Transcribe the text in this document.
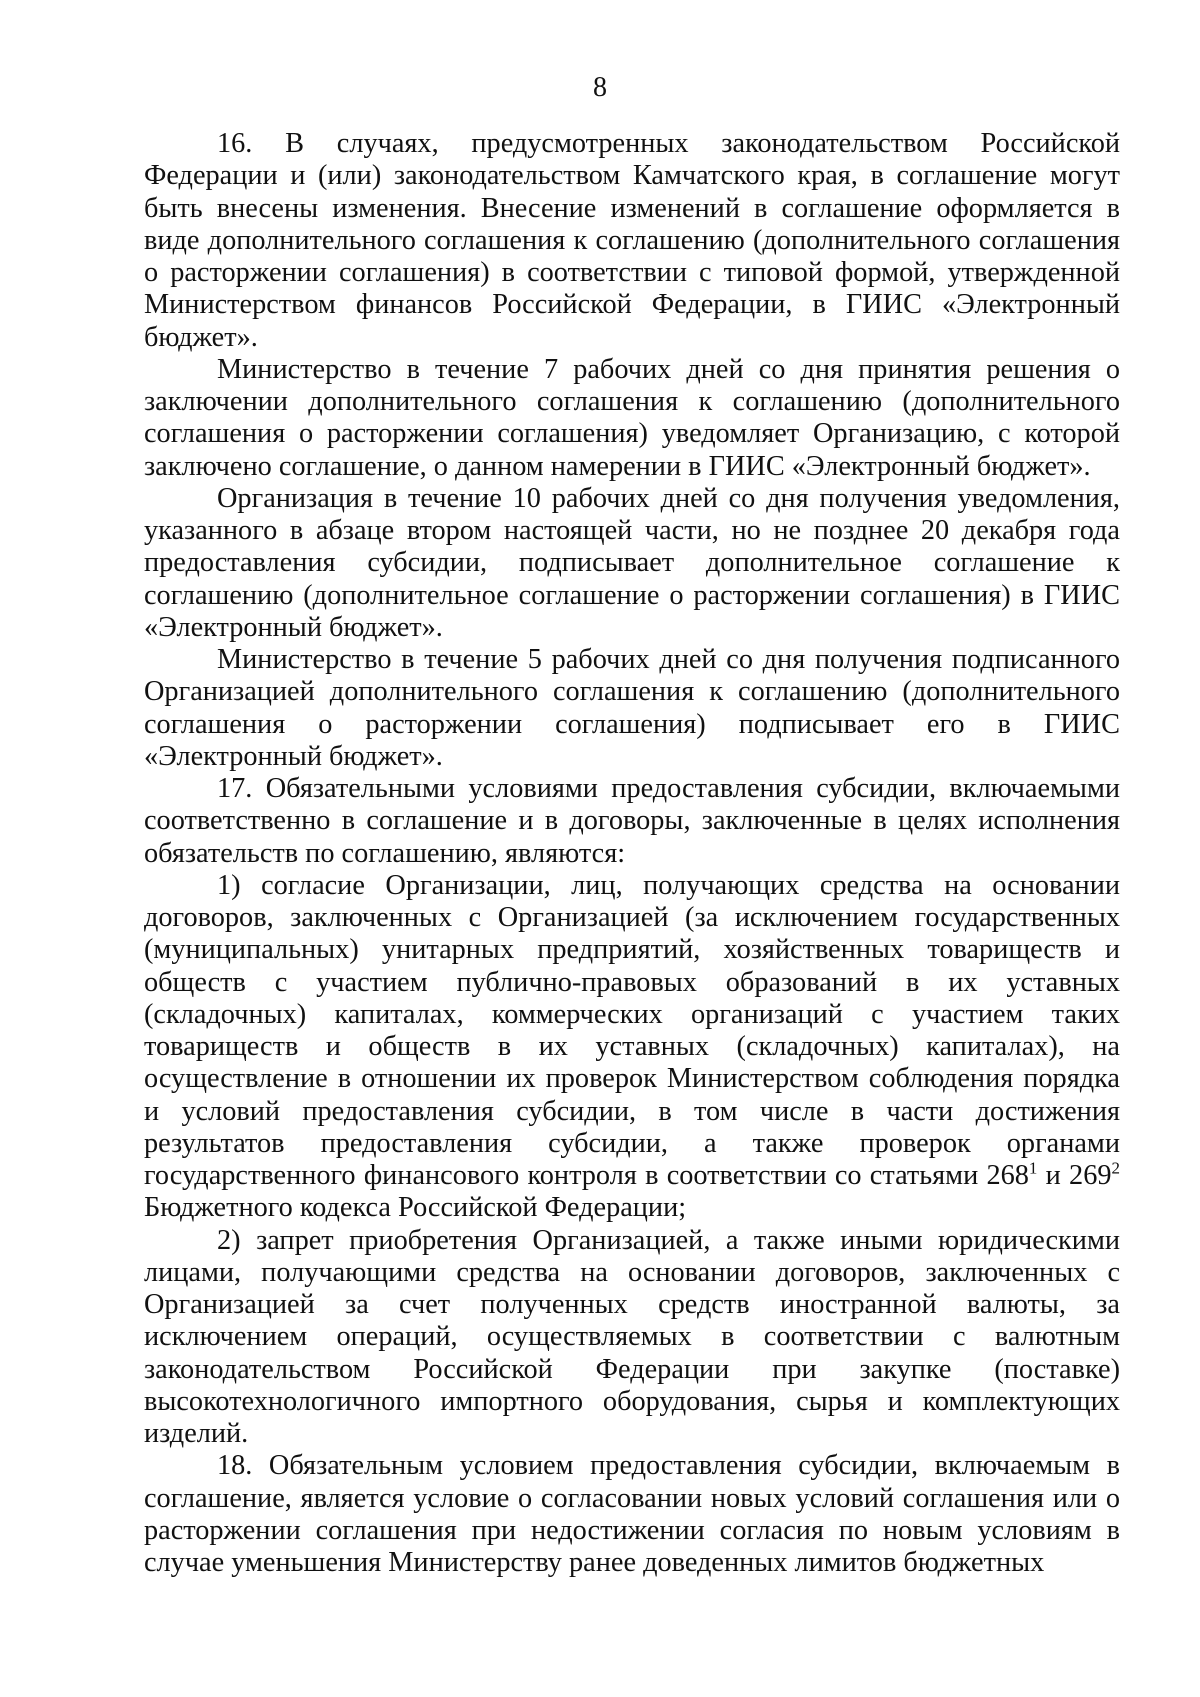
8

16. В случаях, предусмотренных законодательством Российской Федерации и (или) законодательством Камчатского края, в соглашение могут быть внесены изменения. Внесение изменений в соглашение оформляется в виде дополнительного соглашения к соглашению (дополнительного соглашения о расторжении соглашения) в соответствии с типовой формой, утвержденной Министерством финансов Российской Федерации, в ГИИС «Электронный бюджет».

Министерство в течение 7 рабочих дней со дня принятия решения о заключении дополнительного соглашения к соглашению (дополнительного соглашения о расторжении соглашения) уведомляет Организацию, с которой заключено соглашение, о данном намерении в ГИИС «Электронный бюджет».

Организация в течение 10 рабочих дней со дня получения уведомления, указанного в абзаце втором настоящей части, но не позднее 20 декабря года предоставления субсидии, подписывает дополнительное соглашение к соглашению (дополнительное соглашение о расторжении соглашения) в ГИИС «Электронный бюджет».

Министерство в течение 5 рабочих дней со дня получения подписанного Организацией дополнительного соглашения к соглашению (дополнительного соглашения о расторжении соглашения) подписывает его в ГИИС «Электронный бюджет».

17. Обязательными условиями предоставления субсидии, включаемыми соответственно в соглашение и в договоры, заключенные в целях исполнения обязательств по соглашению, являются:

1) согласие Организации, лиц, получающих средства на основании договоров, заключенных с Организацией (за исключением государственных (муниципальных) унитарных предприятий, хозяйственных товариществ и обществ с участием публично-правовых образований в их уставных (складочных) капиталах, коммерческих организаций с участием таких товариществ и обществ в их уставных (складочных) капиталах), на осуществление в отношении их проверок Министерством соблюдения порядка и условий предоставления субсидии, в том числе в части достижения результатов предоставления субсидии, а также проверок органами государственного финансового контроля в соответствии со статьями $268^1$ и $269^2$ Бюджетного кодекса Российской Федерации;

2) запрет приобретения Организацией, а также иными юридическими лицами, получающими средства на основании договоров, заключенных с Организацией за счет полученных средств иностранной валюты, за исключением операций, осуществляемых в соответствии с валютным законодательством Российской Федерации при закупке (поставке) высокотехнологичного импортного оборудования, сырья и комплектующих изделий.

18. Обязательным условием предоставления субсидии, включаемым в соглашение, является условие о согласовании новых условий соглашения или о расторжении соглашения при недостижении согласия по новым условиям в случае уменьшения Министерству ранее доведенных лимитов бюджетных
